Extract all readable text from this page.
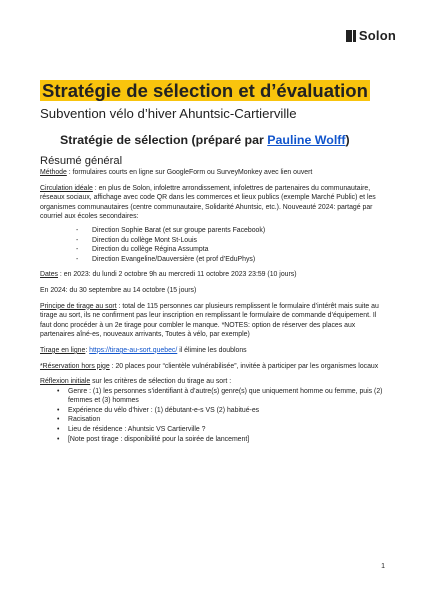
Solon
Stratégie de sélection et d’évaluation
Subvention vélo d’hiver Ahuntsic-Cartierville
Stratégie de sélection (préparé par Pauline Wolff)
Résumé général

Méthode : formulaires courts en ligne sur GoogleForm ou SurveyMonkey avec lien ouvert

Circulation idéale : en plus de Solon, infolettre arrondissement, infolettres de partenaires du communautaire, réseaux sociaux, affichage avec code QR dans les commerces et lieux publics (exemple Marché Public) et les organismes communautaires (centre communautaire, Solidarité Ahuntsic, etc.). Nouveauté 2024: partagé par courriel aux écoles secondaires:

- Direction Sophie Barat (et sur groupe parents Facebook)
- Direction du collège Mont St-Louis
- Direction du collège Régina Assumpta
- Direction Evangeline/Dauversière (et prof d’EduPhys)

Dates : en 2023: du lundi 2 octobre 9h au mercredi 11 octobre 2023 23:59 (10 jours)

En 2024: du 30 septembre au 14 octobre (15 jours)

Principe de tirage au sort : total de 115 personnes car plusieurs remplissent le formulaire d’intérêt mais suite au tirage au sort, ils ne confirment pas leur inscription en remplissant le formulaire de commande d’équipement. Il faut donc procéder à un 2e tirage pour combler le manque. *NOTES: option de réserver des places aux partenaires aîné-es, nouveaux arrivants, Toutes à vélo, par exemple)

Tirage en ligne: https://tirage-au-sort.quebec/ il élimine les doublons

*Réservation hors pige : 20 places pour “clientèle vulnérabilisée”, invitée à participer par les organismes locaux

Réflexion initiale sur les critères de sélection du tirage au sort :

• Genre : (1) les personnes s’identifiant à d’autre(s) genre(s) que uniquement homme ou femme, puis (2) femmes et (3) hommes
• Expérience du vélo d’hiver : (1) débutant-e-s VS (2) habitué-es
• Racisation
• Lieu de résidence : Ahuntsic VS Cartierville ?
• [Note post tirage : disponibilité pour la soirée de lancement]
1
